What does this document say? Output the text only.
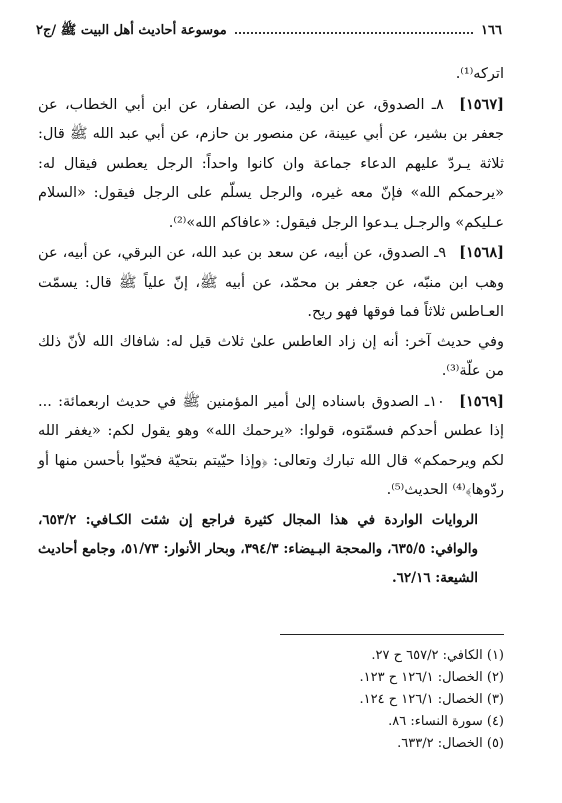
١٦٦
موسوعة أحاديث أهل البيت ﷺ /ج٢

اتركه⁽¹⁾.

[١٥٦٧] ٨ـ الصدوق، عن ابن وليد، عن الصفار، عن ابن أبي الخطاب، عن جعفر بن بشير، عن أبي عيينة، عن منصور بن حازم، عن أبي عبد الله ﷺ قال: ثلاثة يـردّ عليهم الدعاء جماعة وان كانوا واحداً: الرجل يعطس فيقال له: «يرحمكم الله» فإنّ معه غيره، والرجل يسلّم على الرجل فيقول: «السلام عـليكم» والرجـل يـدعوا الرجل فيقول: «عافاكم الله»⁽²⁾.

[١٥٦٨] ٩ـ الصدوق، عن أبيه، عن سعد بن عبد الله، عن البرقي، عن أبيه، عن وهب ابن منبّه، عن جعفر بن محمّد، عن أبيه ﷺ، إنّ علياً ﷺ قال: يسمّت العـاطس ثلاثاً فما فوقها فهو ريح.

وفي حديث آخر: أنه إن زاد العاطس علىٰ ثلاث قيل له: شافاك الله لأنّ ذلك من علّة⁽³⁾.

[١٥٦٩] ١٠ـ الصدوق باسناده إلىٰ أمير المؤمنين ﷺ في حديث اربعمائة: ... إذا عطس أحدكم فسمّتوه، قولوا: «يرحمك الله» وهو يقول لكم: «يغفر الله لكم ويرحمكم» قال الله تبارك وتعالى: ﴿وإذا حيّيتم بتحيّة فحيّوا بأحسن منها أو ردّوها﴾⁽⁴⁾ الحديث⁽⁵⁾.

الروايات الواردة في هذا المجال كثيرة فراجع إن شئت الكـافي: ٦٥٣/٢، والوافي: ٦٣٥/٥، والمحجة البـيضاء: ٣٩٤/٣، وبحار الأنوار: ٥١/٧٣، وجامع أحاديث الشيعة: ٦٢/١٦.

(١) الكافي: ٦٥٧/٢ ح ٢٧.
(٢) الخصال: ١٢٦/١ ح ١٢٣.
(٣) الخصال: ١٢٦/١ ح ١٢٤.
(٤) سورة النساء: ٨٦.
(٥) الخصال: ٦٣٣/٢.
